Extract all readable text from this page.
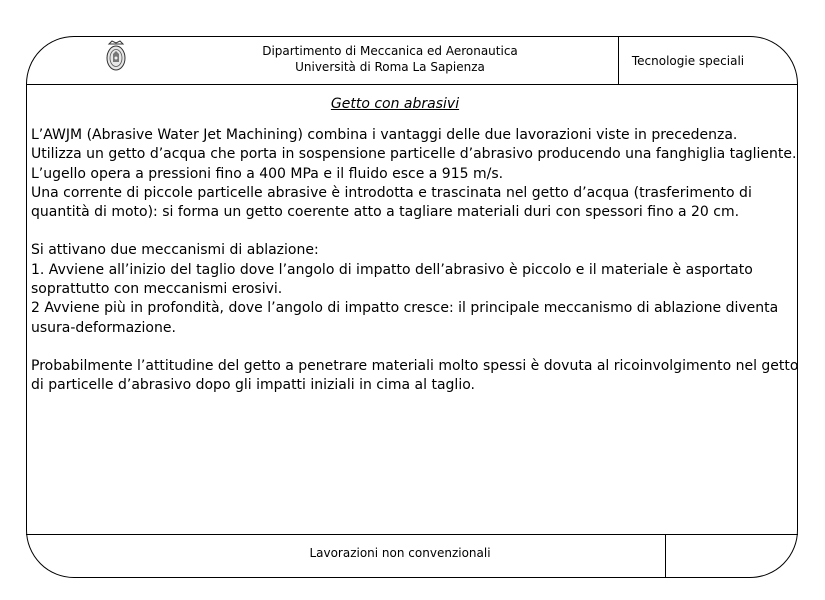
Dipartimento di Meccanica ed Aeronautica
Università di Roma La Sapienza	Tecnologie speciali
Getto con abrasivi

L’AWJM (Abrasive Water Jet Machining) combina i vantaggi delle due lavorazioni viste in precedenza.
Utilizza un getto d’acqua che porta in sospensione particelle d’abrasivo producendo una fanghiglia tagliente.
L’ugello opera a pressioni fino a 400 MPa e il fluido esce a 915 m/s.
Una corrente di piccole particelle abrasive è introdotta e trascinata nel getto d’acqua (trasferimento di
quantità di moto): si forma un getto coerente atto a tagliare materiali duri con spessori fino a 20 cm.

Si attivano due meccanismi di ablazione:
1. Avviene all’inizio del taglio dove l’angolo di impatto dell’abrasivo è piccolo e il materiale è asportato
soprattutto con meccanismi erosivi.
2 Avviene più in profondità, dove l’angolo di impatto cresce: il principale meccanismo di ablazione diventa
usura-deformazione.

Probabilmente l’attitudine del getto a penetrare materiali molto spessi è dovuta al ricoinvolgimento nel getto
di particelle d’abrasivo dopo gli impatti iniziali in cima al taglio.

Lavorazioni non convenzionali
